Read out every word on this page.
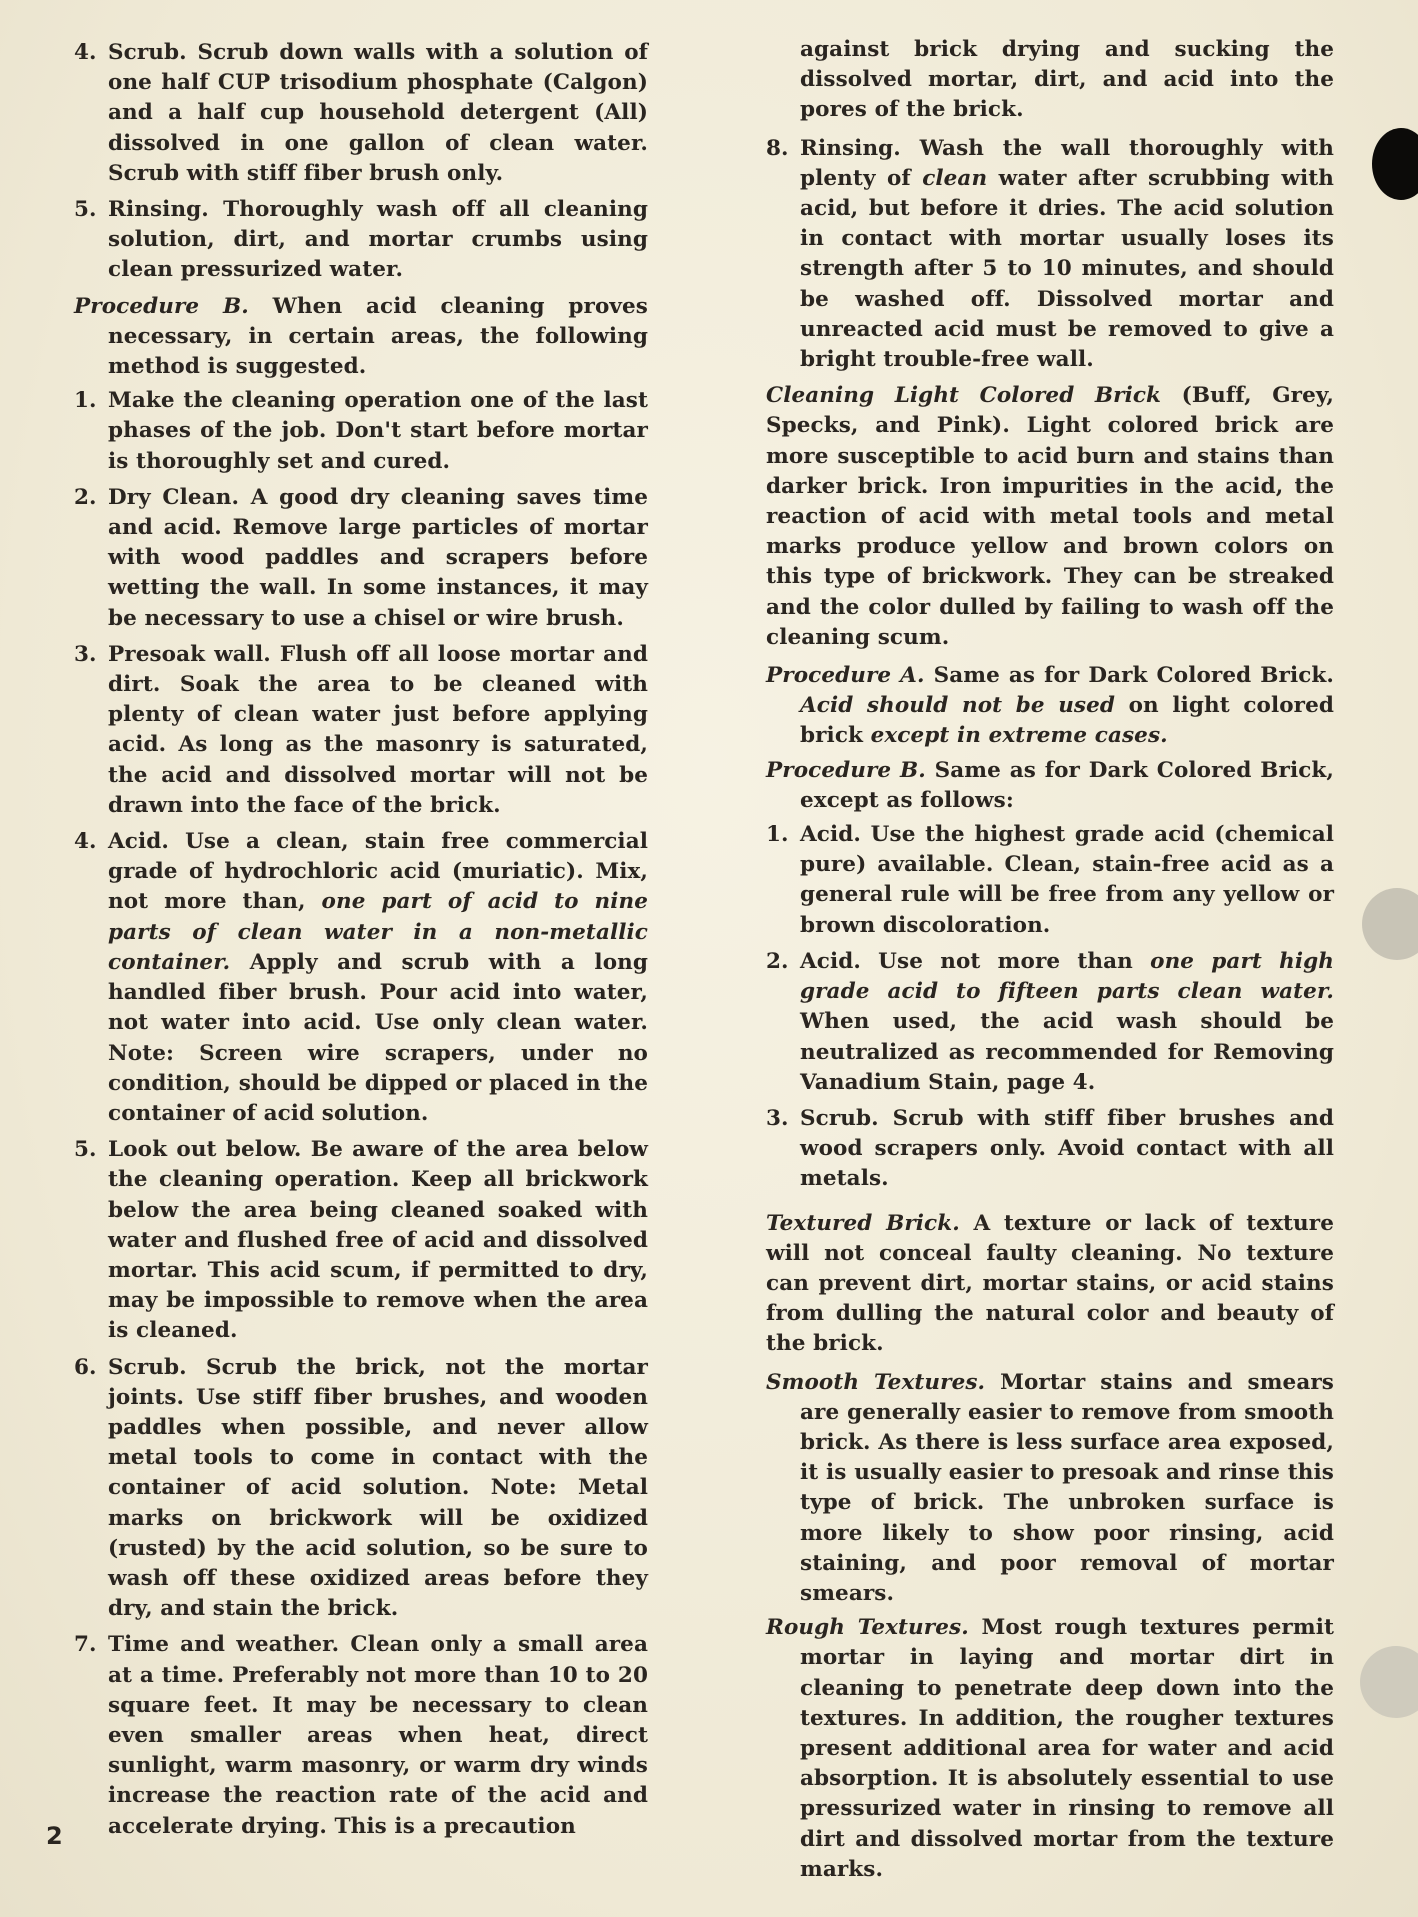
4. Scrub. Scrub down walls with a solution of one half CUP trisodium phosphate (Calgon) and a half cup household detergent (All) dissolved in one gallon of clean water. Scrub with stiff fiber brush only.

5. Rinsing. Thoroughly wash off all cleaning solution, dirt, and mortar crumbs using clean pressurized water.

Procedure B. When acid cleaning proves necessary, in certain areas, the following method is suggested.

1. Make the cleaning operation one of the last phases of the job. Don't start before mortar is thoroughly set and cured.

2. Dry Clean. A good dry cleaning saves time and acid. Remove large particles of mortar with wood paddles and scrapers before wetting the wall. In some instances, it may be necessary to use a chisel or wire brush.

3. Presoak wall. Flush off all loose mortar and dirt. Soak the area to be cleaned with plenty of clean water just before applying acid. As long as the masonry is saturated, the acid and dissolved mortar will not be drawn into the face of the brick.

4. Acid. Use a clean, stain free commercial grade of hydrochloric acid (muriatic). Mix, not more than, one part of acid to nine parts of clean water in a non-metallic container. Apply and scrub with a long handled fiber brush. Pour acid into water, not water into acid. Use only clean water. Note: Screen wire scrapers, under no condition, should be dipped or placed in the container of acid solution.

5. Look out below. Be aware of the area below the cleaning operation. Keep all brickwork below the area being cleaned soaked with water and flushed free of acid and dissolved mortar. This acid scum, if permitted to dry, may be impossible to remove when the area is cleaned.

6. Scrub. Scrub the brick, not the mortar joints. Use stiff fiber brushes, and wooden paddles when possible, and never allow metal tools to come in contact with the container of acid solution. Note: Metal marks on brickwork will be oxidized (rusted) by the acid solution, so be sure to wash off these oxidized areas before they dry, and stain the brick.

7. Time and weather. Clean only a small area at a time. Preferably not more than 10 to 20 square feet. It may be necessary to clean even smaller areas when heat, direct sunlight, warm masonry, or warm dry winds increase the reaction rate of the acid and accelerate drying. This is a precaution

against brick drying and sucking the dissolved mortar, dirt, and acid into the pores of the brick.

8. Rinsing. Wash the wall thoroughly with plenty of clean water after scrubbing with acid, but before it dries. The acid solution in contact with mortar usually loses its strength after 5 to 10 minutes, and should be washed off. Dissolved mortar and unreacted acid must be removed to give a bright trouble-free wall.

Cleaning Light Colored Brick (Buff, Grey, Specks, and Pink). Light colored brick are more susceptible to acid burn and stains than darker brick. Iron impurities in the acid, the reaction of acid with metal tools and metal marks produce yellow and brown colors on this type of brickwork. They can be streaked and the color dulled by failing to wash off the cleaning scum.

Procedure A. Same as for Dark Colored Brick. Acid should not be used on light colored brick except in extreme cases.

Procedure B. Same as for Dark Colored Brick, except as follows:

1. Acid. Use the highest grade acid (chemical pure) available. Clean, stain-free acid as a general rule will be free from any yellow or brown discoloration.

2. Acid. Use not more than one part high grade acid to fifteen parts clean water. When used, the acid wash should be neutralized as recommended for Removing Vanadium Stain, page 4.

3. Scrub. Scrub with stiff fiber brushes and wood scrapers only. Avoid contact with all metals.

Textured Brick. A texture or lack of texture will not conceal faulty cleaning. No texture can prevent dirt, mortar stains, or acid stains from dulling the natural color and beauty of the brick.

Smooth Textures. Mortar stains and smears are generally easier to remove from smooth brick. As there is less surface area exposed, it is usually easier to presoak and rinse this type of brick. The unbroken surface is more likely to show poor rinsing, acid staining, and poor removal of mortar smears.

Rough Textures. Most rough textures permit mortar in laying and mortar dirt in cleaning to penetrate deep down into the textures. In addition, the rougher textures present additional area for water and acid absorption. It is absolutely essential to use pressurized water in rinsing to remove all dirt and dissolved mortar from the texture marks.

2
